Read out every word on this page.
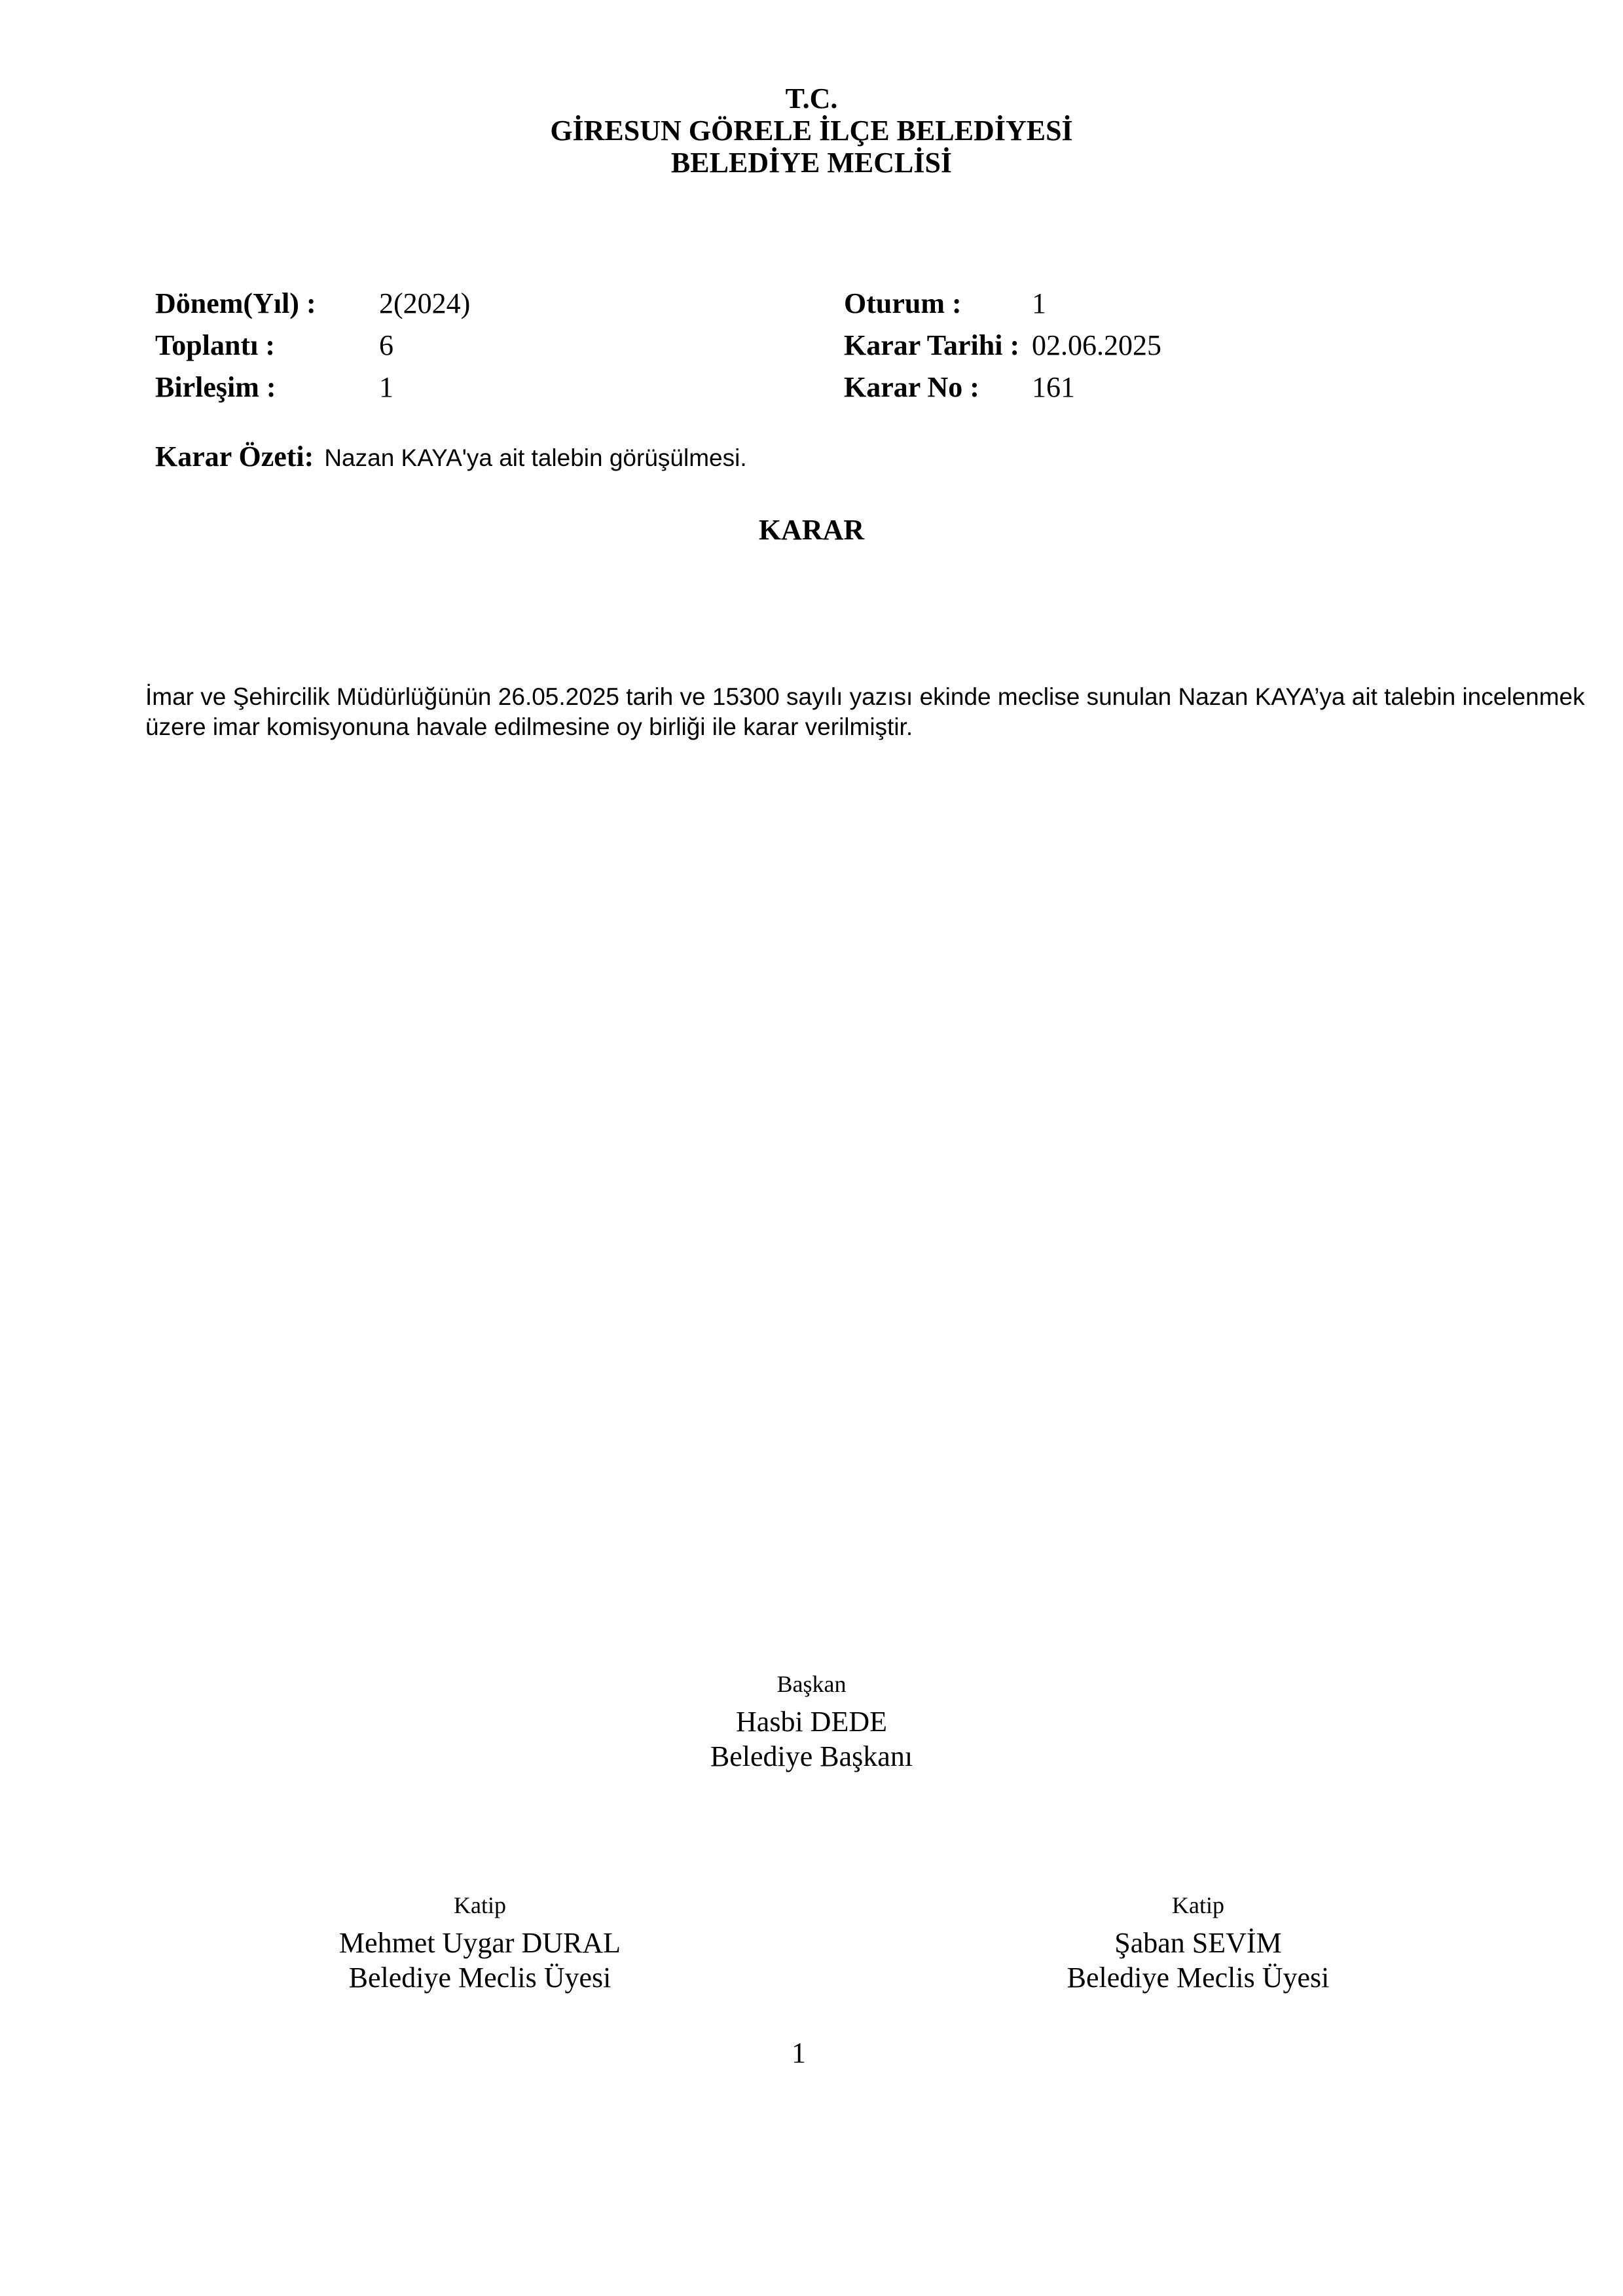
T.C.
GİRESUN GÖRELE İLÇE BELEDİYESİ
BELEDİYE MECLİSİ
Dönem(Yıl) : 2(2024)
Toplantı :	6
Birleşim :	1
Oturum : 1
Karar Tarihi : 02.06.2025
Karar No : 161
Karar Özeti: Nazan KAYA'ya ait talebin görüşülmesi.
KARAR
İmar ve Şehircilik Müdürlüğünün 26.05.2025 tarih ve 15300 sayılı yazısı ekinde meclise sunulan Nazan KAYA’ya ait talebin incelenmek üzere imar komisyonuna havale edilmesine oy birliği ile karar verilmiştir.
Başkan
Hasbi DEDE
Belediye Başkanı
Katip
Mehmet Uygar DURAL
Belediye Meclis Üyesi
Katip
Şaban SEVİM
Belediye Meclis Üyesi
1
